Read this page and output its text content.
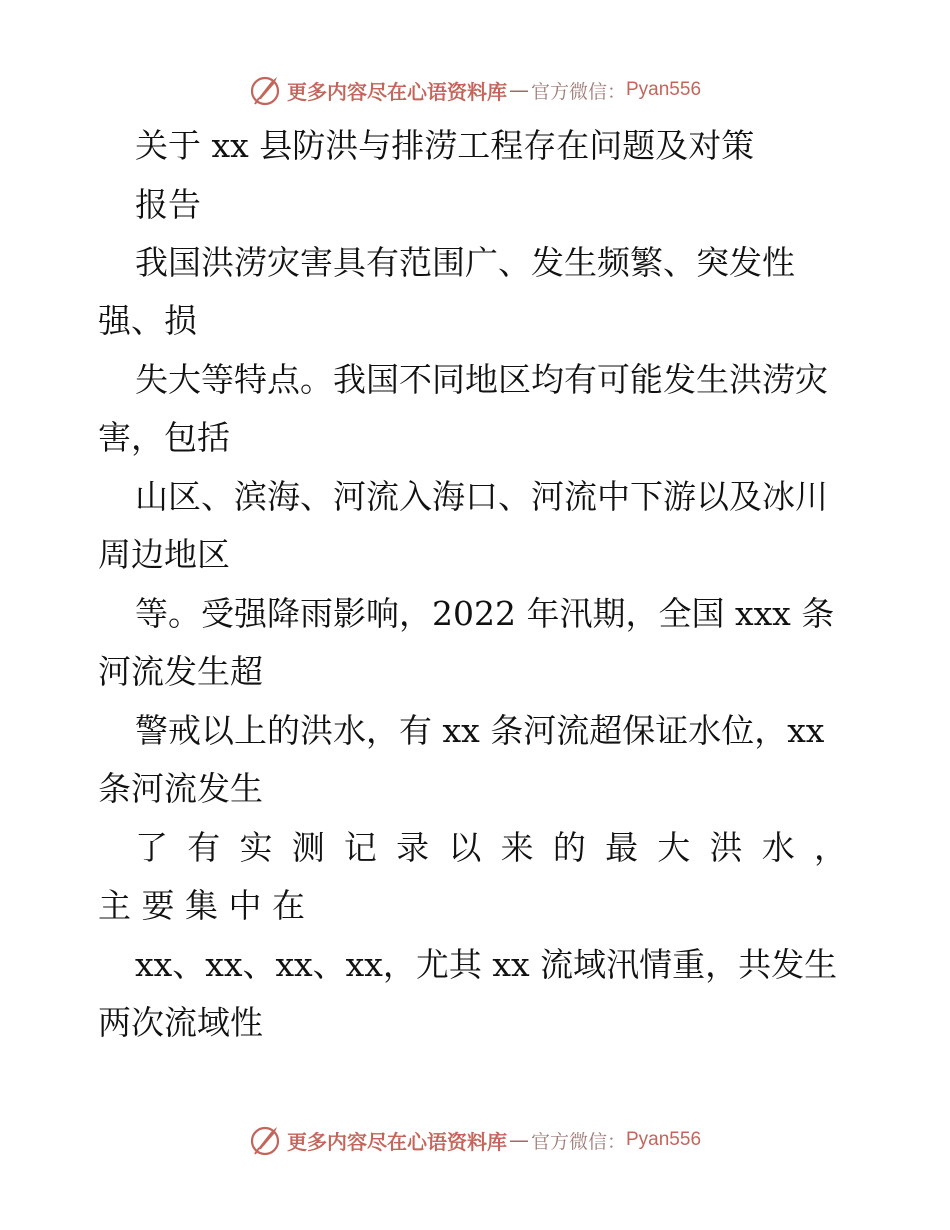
更多内容尽在心语资料库 — 官方微信： Pyan556
关于 xx 县防洪与排涝工程存在问题及对策
报告
我国洪涝灾害具有范围广、发生频繁、突发性
强、损
失大等特点。我国不同地区均有可能发生洪涝灾
害，包括
山区、滨海、河流入海口、河流中下游以及冰川
周边地区
等。受强降雨影响，2022 年汛期，全国 xxx 条
河流发生超
警戒以上的洪水，有 xx 条河流超保证水位，xx
条河流发生
了 有 实 测 记 录 以 来 的 最 大 洪 水 ，
主 要 集 中 在
xx、xx、xx、xx，尤其 xx 流域汛情重，共发生
两次流域性
更多内容尽在心语资料库 — 官方微信： Pyan556
